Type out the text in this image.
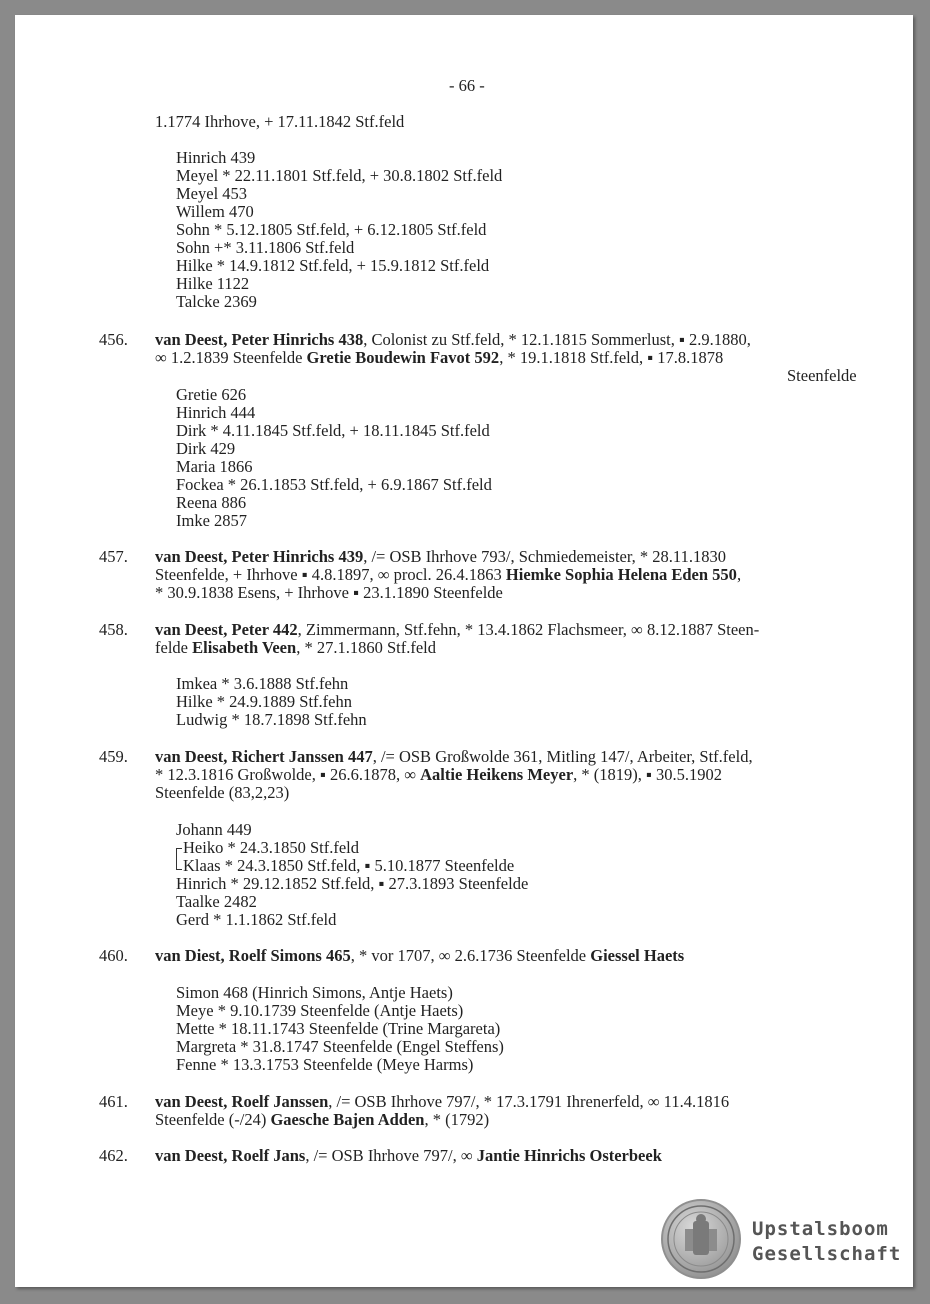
- 66 -
1.1774 Ihrhove, + 17.11.1842 Stf.feld
Hinrich 439
Meyel * 22.11.1801 Stf.feld, + 30.8.1802 Stf.feld
Meyel 453
Willem 470
Sohn * 5.12.1805 Stf.feld, + 6.12.1805 Stf.feld
Sohn +* 3.11.1806 Stf.feld
Hilke * 14.9.1812 Stf.feld, + 15.9.1812 Stf.feld
Hilke 1122
Talcke 2369
456. van Deest, Peter Hinrichs 438, Colonist zu Stf.feld, * 12.1.1815 Sommerlust, ▪ 2.9.1880,
∞ 1.2.1839 Steenfelde Gretie Boudewin Favot 592, * 19.1.1818 Stf.feld, ▪ 17.8.1878
Steenfelde
Gretie 626
Hinrich 444
Dirk * 4.11.1845 Stf.feld, + 18.11.1845 Stf.feld
Dirk 429
Maria 1866
Fockea * 26.1.1853 Stf.feld, + 6.9.1867 Stf.feld
Reena 886
Imke 2857
457. van Deest, Peter Hinrichs 439, /= OSB Ihrhove 793/, Schmiedemeister, * 28.11.1830
Steenfelde, + Ihrhove ▪ 4.8.1897, ∞ procl. 26.4.1863 Hiemke Sophia Helena Eden 550,
* 30.9.1838 Esens, + Ihrhove ▪ 23.1.1890 Steenfelde
458. van Deest, Peter 442, Zimmermann, Stf.fehn, * 13.4.1862 Flachsmeer, ∞ 8.12.1887 Steen-
felde Elisabeth Veen, * 27.1.1860 Stf.feld
Imkea * 3.6.1888 Stf.fehn
Hilke * 24.9.1889 Stf.fehn
Ludwig * 18.7.1898 Stf.fehn
459. van Deest, Richert Janssen 447, /= OSB Großwolde 361, Mitling 147/, Arbeiter, Stf.feld,
* 12.3.1816 Großwolde, ▪ 26.6.1878, ∞ Aaltie Heikens Meyer, * (1819), ▪ 30.5.1902
Steenfelde (83,2,23)
Johann 449
Heiko * 24.3.1850 Stf.feld
Klaas * 24.3.1850 Stf.feld, ▪ 5.10.1877 Steenfelde
Hinrich * 29.12.1852 Stf.feld, ▪ 27.3.1893 Steenfelde
Taalke 2482
Gerd * 1.1.1862 Stf.feld
460. van Diest, Roelf Simons 465, * vor 1707, ∞ 2.6.1736 Steenfelde Giessel Haets
Simon 468 (Hinrich Simons, Antje Haets)
Meye * 9.10.1739 Steenfelde (Antje Haets)
Mette * 18.11.1743 Steenfelde (Trine Margareta)
Margreta * 31.8.1747 Steenfelde (Engel Steffens)
Fenne * 13.3.1753 Steenfelde (Meye Harms)
461. van Deest, Roelf Janssen, /= OSB Ihrhove 797/, * 17.3.1791 Ihrenerfeld, ∞ 11.4.1816
Steenfelde (-/24) Gaesche Bajen Adden, * (1792)
462. van Deest, Roelf Jans, /= OSB Ihrhove 797/, ∞ Jantie Hinrichs Osterbeek
Upstalsboom
Gesellschaft
